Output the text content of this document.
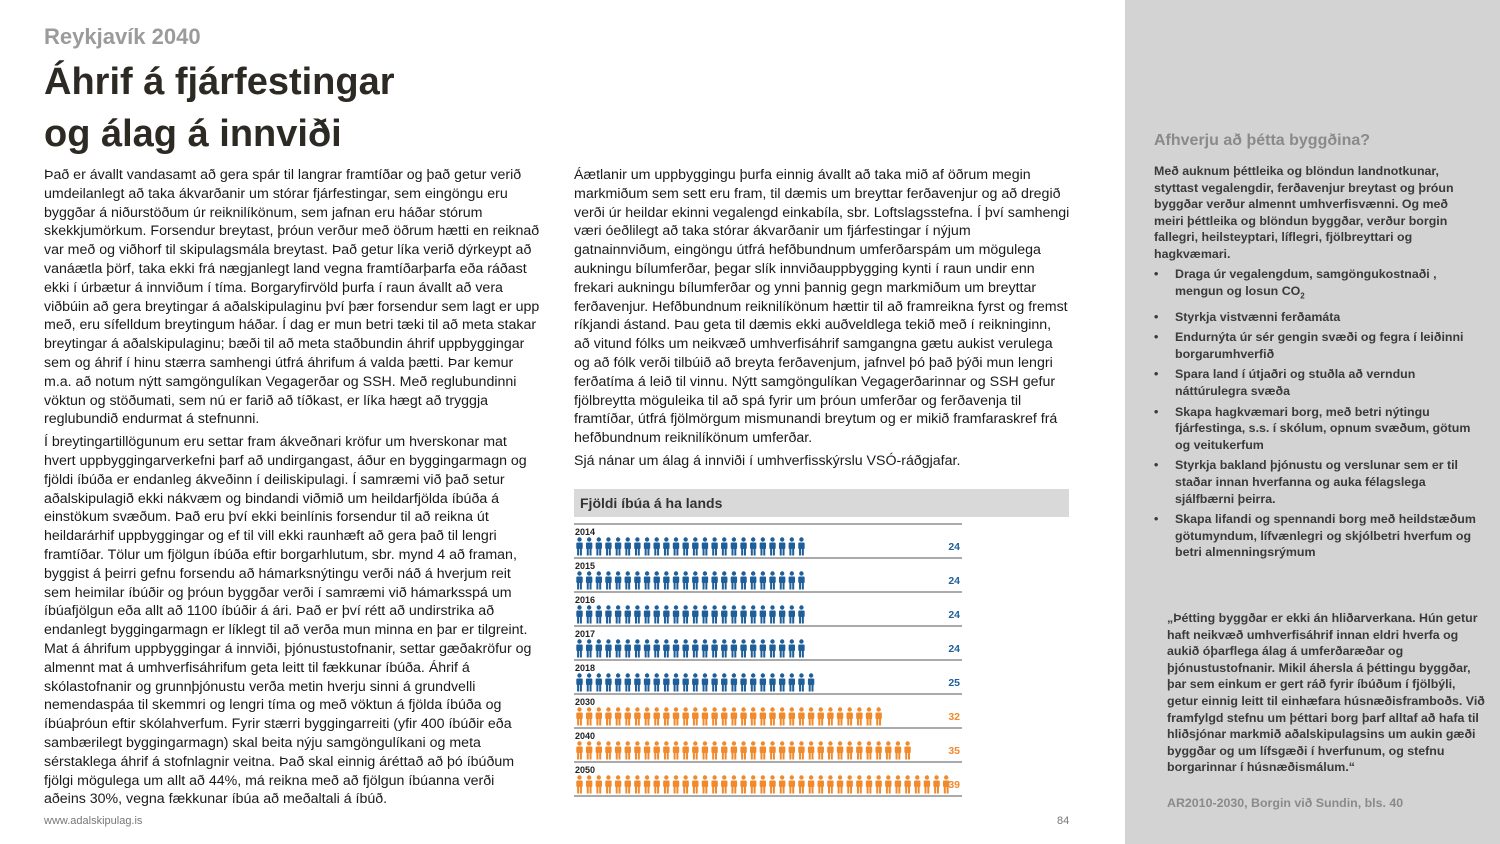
Reykjavík 2040
Áhrif á fjárfestingar
og álag á innviði

Það er ávallt vandasamt að gera spár til langrar framtíðar og það getur verið umdeilanlegt að taka ákvarðanir um stórar fjárfestingar, sem eingöngu eru byggðar á niðurstöðum úr reiknilíkönum, sem jafnan eru háðar stórum skekkjumörkum. Forsendur breytast, þróun verður með öðrum hætti en reiknað var með og viðhorf til skipulagsmála breytast. Það getur líka verið dýrkeypt að vanáætla þörf, taka ekki frá nægjanlegt land vegna framtíðarþarfa eða ráðast ekki í úrbætur á innviðum í tíma. Borgaryfirvöld þurfa í raun ávallt að vera viðbúin að gera breytingar á aðalskipulaginu því þær forsendur sem lagt er upp með, eru sífelldum breytingum háðar. Í dag er mun betri tæki til að meta stakar breytingar á aðalskipulaginu; bæði til að meta staðbundin áhrif uppbyggingar sem og áhrif í hinu stærra samhengi útfrá áhrifum á valda þætti. Þar kemur m.a. að notum nýtt samgöngulíkan Vegagerðar og SSH. Með reglubundinni vöktun og stöðumati, sem nú er farið að tíðkast, er líka hægt að tryggja reglubundið endurmat á stefnunni.

Í breytingartillögunum eru settar fram ákveðnari kröfur um hverskonar mat hvert uppbyggingarverkefni þarf að undirgangast, áður en byggingarmagn og fjöldi íbúða er endanleg ákveðinn í deiliskipulagi. Í samræmi við það setur aðalskipulagið ekki nákvæm og bindandi viðmið um heildarfjölda íbúða á einstökum svæðum. Það eru því ekki beinlínis forsendur til að reikna út heildarárhif uppbyggingar og ef til vill ekki raunhæft að gera það til lengri framtíðar. Tölur um fjölgun íbúða eftir borgarhlutum, sbr. mynd 4 að framan, byggist á þeirri gefnu forsendu að hámarksnýtingu verði náð á hverjum reit sem heimilar íbúðir og þróun byggðar verði í samræmi við hámarksspá um íbúafjölgun eða allt að 1100 íbúðir á ári. Það er því rétt að undirstrika að endanlegt byggingarmagn er líklegt til að verða mun minna en þar er tilgreint. Mat á áhrifum uppbyggingar á innviði, þjónustustofnanir, settar gæðakröfur og almennt mat á umhverfisáhrifum geta leitt til fækkunar íbúða. Áhrif á skólastofnanir og grunnþjónustu verða metin hverju sinni á grundvelli nemendaspáa til skemmri og lengri tíma og með vöktun á fjölda íbúða og íbúaþróun eftir skólahverfum. Fyrir stærri byggingarreiti (yfir 400 íbúðir eða sambærilegt byggingarmagn) skal beita nýju samgöngulíkani og meta sérstaklega áhrif á stofnlagnir veitna. Það skal einnig áréttað að þó íbúðum fjölgi mögulega um allt að 44%, má reikna með að fjölgun íbúanna verði aðeins 30%, vegna fækkunar íbúa að meðaltali á íbúð.

Áætlanir um uppbyggingu þurfa einnig ávallt að taka mið af öðrum megin markmiðum sem sett eru fram, til dæmis um breyttar ferðavenjur og að dregið verði úr heildar ekinni vegalengd einkabíla, sbr. Loftslagsstefna. Í því samhengi væri óeðlilegt að taka stórar ákvarðanir um fjárfestingar í nýjum gatnainnviðum, eingöngu útfrá hefðbundnum umferðarspám um mögulega aukningu bílumferðar, þegar slík innviðauppbygging kynti í raun undir enn frekari aukningu bílumferðar og ynni þannig gegn markmiðum um breyttar ferðavenjur. Hefðbundnum reiknilíkönum hættir til að framreikna fyrst og fremst ríkjandi ástand. Þau geta til dæmis ekki auðveldlega tekið með í reikninginn, að vitund fólks um neikvæð umhverfisáhrif samgangna gætu aukist verulega og að fólk verði tilbúið að breyta ferðavenjum, jafnvel þó það þýði mun lengri ferðatíma á leið til vinnu. Nýtt samgöngulíkan Vegagerðarinnar og SSH gefur fjölbreytta möguleika til að spá fyrir um þróun umferðar og ferðavenja til framtíðar, útfrá fjölmörgum mismunandi breytum og er mikið framfaraskref frá hefðbundnum reiknilíkönum umferðar.

Sjá nánar um álag á innviði í umhverfisskýrslu VSÓ-ráðgjafar.

Fjöldi íbúa á ha lands
2014
24
2015
24
2016
24
2017
24
2018
25
2030
32
2040
35
2050
39
www.adalskipulag.is	84
Afhverju að þétta byggðina?
Með auknum þéttleika og blöndun landnotkunar, styttast vegalengdir, ferðavenjur breytast og þróun byggðar verður almennt umhverfisvænni. Og með meiri þéttleika og blöndun byggðar, verður borgin fallegri, heilsteyptari, líflegri, fjölbreyttari og hagkvæmari.
• Draga úr vegalengdum, samgöngukostnaði , mengun og losun $CO_2$
• Styrkja vistvænni ferðamáta
• Endurnýta úr sér gengin svæði og fegra í leiðinni borgarumhverfið
• Spara land í útjaðri og stuðla að verndun náttúrulegra svæða
• Skapa hagkvæmari borg, með betri nýtingu fjárfestinga, s.s. í skólum, opnum svæðum, götum og veitukerfum
• Styrkja bakland þjónustu og verslunar sem er til staðar innan hverfanna og auka félagslega sjálfbærni þeirra.
• Skapa lifandi og spennandi borg með heildstæðum götumyndum, lífvænlegri og skjólbetri hverfum og betri almenningsrýmum
„Þétting byggðar er ekki án hliðarverkana. Hún getur haft neikvæð umhverfisáhrif innan eldri hverfa og aukið óþarflega álag á umferðaræðar og þjónustustofnanir. Mikil áhersla á þéttingu byggðar, þar sem einkum er gert ráð fyrir íbúðum í fjölbýli, getur einnig leitt til einhæfara húsnæðisframboðs. Við framfylgd stefnu um þéttari borg þarf alltaf að hafa til hliðsjónar markmið aðalskipulagsins um aukin gæði byggðar og um lífsgæði í hverfunum, og stefnu borgarinnar í húsnæðismálum.“
AR2010-2030, Borgin við Sundin, bls. 40
